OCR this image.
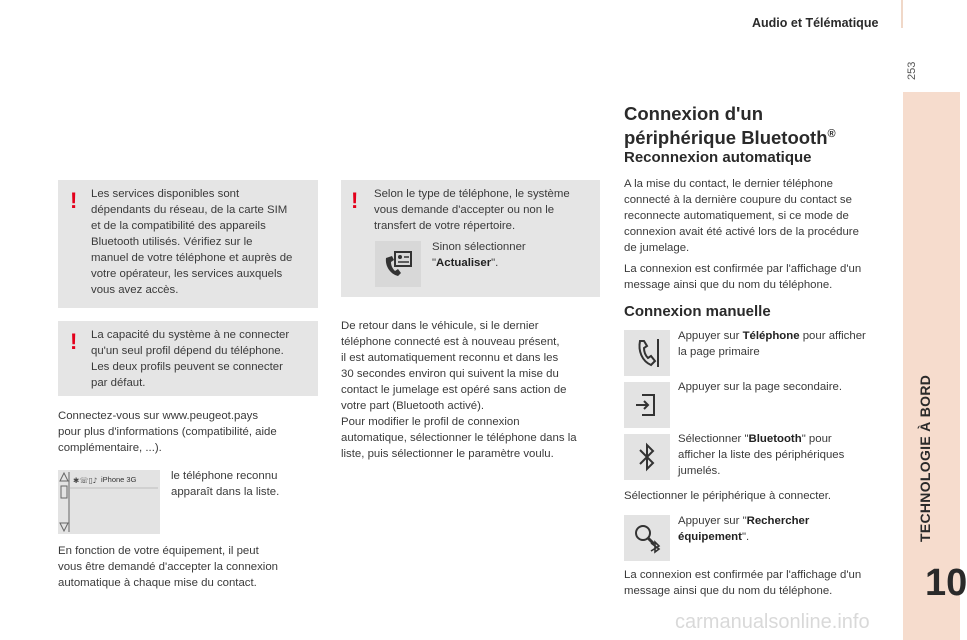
Audio et Télématique
253
TECHNOLOGIE À BORD
10
! Les services disponibles sont
dépendants du réseau, de la carte SIM
et de la compatibilité des appareils
Bluetooth utilisés. Vérifiez sur le
manuel de votre téléphone et auprès de
votre opérateur, les services auxquels
vous avez accès.
! La capacité du système à ne connecter
qu'un seul profil dépend du téléphone.
Les deux profils peuvent se connecter
par défaut.
Connectez-vous sur www.peugeot.pays
pour plus d'informations (compatibilité, aide
complémentaire, ...).
✱☏▯♪ iPhone 3G	le téléphone reconnu
apparaît dans la liste.
En fonction de votre équipement, il peut
vous être demandé d'accepter la connexion
automatique à chaque mise du contact.
! Selon le type de téléphone, le système
vous demande d'accepter ou non le
transfert de votre répertoire.
Sinon sélectionner
"Actualiser".
De retour dans le véhicule, si le dernier
téléphone connecté est à nouveau présent,
il est automatiquement reconnu et dans les
30 secondes environ qui suivent la mise du
contact le jumelage est opéré sans action de
votre part (Bluetooth activé).
Pour modifier le profil de connexion
automatique, sélectionner le téléphone dans la
liste, puis sélectionner le paramètre voulu.
Connexion d'un
périphérique Bluetooth®
Reconnexion automatique
A la mise du contact, le dernier téléphone
connecté à la dernière coupure du contact se
reconnecte automatiquement, si ce mode de
connexion avait été activé lors de la procédure
de jumelage.
La connexion est confirmée par l'affichage d'un
message ainsi que du nom du téléphone.
Connexion manuelle
Appuyer sur Téléphone pour afficher
la page primaire
Appuyer sur la page secondaire.
Sélectionner "Bluetooth" pour
afficher la liste des périphériques
jumelés.
Sélectionner le périphérique à connecter.
Appuyer sur "Rechercher
équipement".
La connexion est confirmée par l'affichage d'un
message ainsi que du nom du téléphone.
carmanualsonline.info
